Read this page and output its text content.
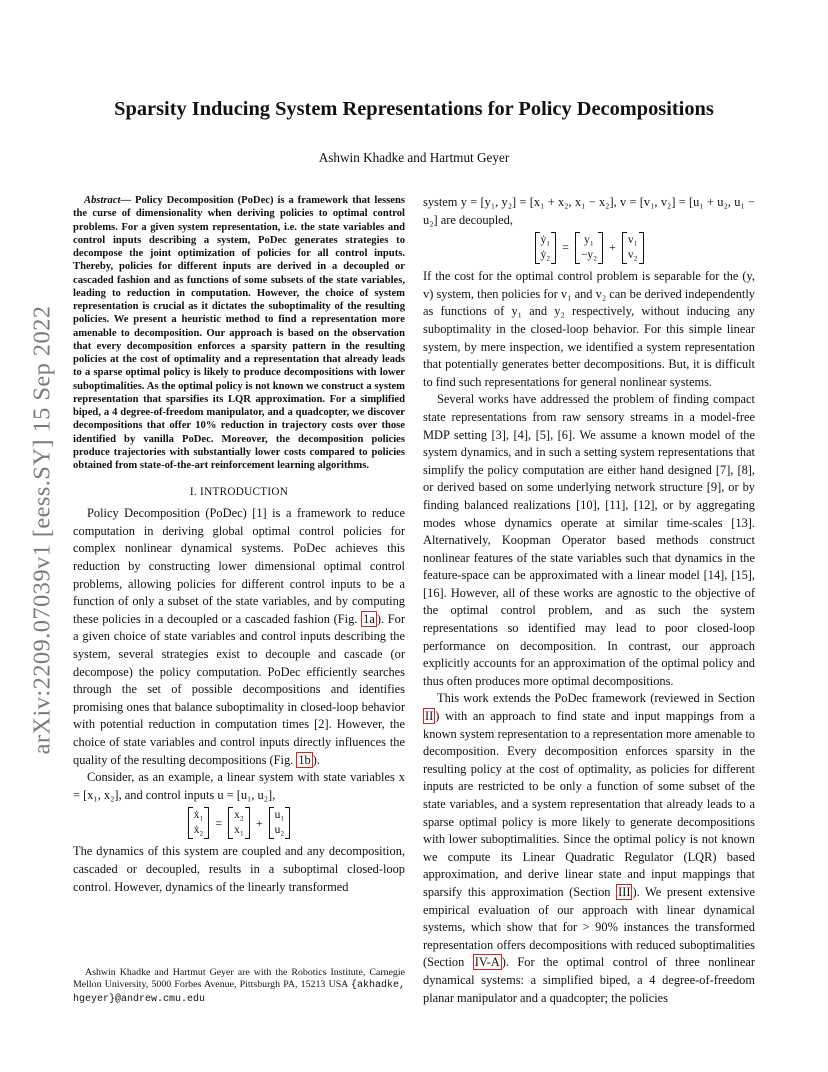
arXiv:2209.07039v1 [eess.SY] 15 Sep 2022
Sparsity Inducing System Representations for Policy Decompositions
Ashwin Khadke and Hartmut Geyer

Abstract— Policy Decomposition (PoDec) is a framework that lessens the curse of dimensionality when deriving policies to optimal control problems. For a given system representation, i.e. the state variables and control inputs describing a system, PoDec generates strategies to decompose the joint optimization of policies for all control inputs. Thereby, policies for different inputs are derived in a decoupled or cascaded fashion and as functions of some subsets of the state variables, leading to reduction in computation. However, the choice of system representation is crucial as it dictates the suboptimality of the resulting policies. We present a heuristic method to find a representation more amenable to decomposition. Our approach is based on the observation that every decomposition enforces a sparsity pattern in the resulting policies at the cost of optimality and a representation that already leads to a sparse optimal policy is likely to produce decompositions with lower suboptimalities. As the optimal policy is not known we construct a system representation that sparsifies its LQR approximation. For a simplified biped, a 4 degree-of-freedom manipulator, and a quadcopter, we discover decompositions that offer 10% reduction in trajectory costs over those identified by vanilla PoDec. Moreover, the decomposition policies produce trajectories with substantially lower costs compared to policies obtained from state-of-the-art reinforcement learning algorithms.

I. INTRODUCTION

Policy Decomposition (PoDec) [1] is a framework to reduce computation in deriving global optimal control policies for complex nonlinear dynamical systems. PoDec achieves this reduction by constructing lower dimensional optimal control problems, allowing policies for different control inputs to be a function of only a subset of the state variables, and by computing these policies in a decoupled or a cascaded fashion (Fig. 1a ). For a given choice of state variables and control inputs describing the system, several strategies exist to decouple and cascade (or decompose) the policy computation. PoDec efficiently searches through the set of possible decompositions and identifies promising ones that balance suboptimality in closed-loop behavior with potential reduction in computation times [2]. However, the choice of state variables and control inputs directly influences the quality of the resulting decompositions (Fig. 1b ).

Consider, as an example, a linear system with state variables x = [x₁, x₂], and control inputs u = [u₁, u₂],

ẋ₁
ẋ₂
=
x₂
x₁
+
u₁
u₂

The dynamics of this system are coupled and any decomposition, cascaded or decoupled, results in a suboptimal closed-loop control. However, dynamics of the linearly transformed

system y = [y₁, y₂] = [x₁ + x₂, x₁ − x₂], v = [v₁, v₂] = [u₁ + u₂, u₁ − u₂] are decoupled,

ẏ₁
ẏ₂
=
y₁
−y₂
+
v₁
v₂

If the cost for the optimal control problem is separable for the (y, v) system, then policies for v₁ and v₂ can be derived independently as functions of y₁ and y₂ respectively, without inducing any suboptimality in the closed-loop behavior. For this simple linear system, by mere inspection, we identified a system representation that potentially generates better decompositions. But, it is difficult to find such representations for general nonlinear systems.

Several works have addressed the problem of finding compact state representations from raw sensory streams in a model-free MDP setting [3], [4], [5], [6]. We assume a known model of the system dynamics, and in such a setting system representations that simplify the policy computation are either hand designed [7], [8], or derived based on some underlying network structure [9], or by finding balanced realizations [10], [11], [12], or by aggregating modes whose dynamics operate at similar time-scales [13]. Alternatively, Koopman Operator based methods construct nonlinear features of the state variables such that dynamics in the feature-space can be approximated with a linear model [14], [15], [16]. However, all of these works are agnostic to the objective of the optimal control problem, and as such the system representations so identified may lead to poor closed-loop performance on decomposition. In contrast, our approach explicitly accounts for an approximation of the optimal policy and thus often produces more optimal decompositions.

This work extends the PoDec framework (reviewed in Section II ) with an approach to find state and input mappings from a known system representation to a representation more amenable to decomposition. Every decomposition enforces sparsity in the resulting policy at the cost of optimality, as policies for different inputs are restricted to be only a function of some subset of the state variables, and a system representation that already leads to a sparse optimal policy is more likely to generate decompositions with lower suboptimalities. Since the optimal policy is not known we compute its Linear Quadratic Regulator (LQR) based approximation, and derive linear state and input mappings that sparsify this approximation (Section III ). We present extensive empirical evaluation of our approach with linear dynamical systems, which show that for > 90% instances the transformed representation offers decompositions with reduced suboptimalities (Section IV-A ). For the optimal control of three nonlinear dynamical systems: a simplified biped, a 4 degree-of-freedom planar manipulator and a quadcopter; the policies

Ashwin Khadke and Hartmut Geyer are with the Robotics Institute, Carnegie Mellon University, 5000 Forbes Avenue, Pittsburgh PA, 15213 USA {akhadke, hgeyer}@andrew.cmu.edu
